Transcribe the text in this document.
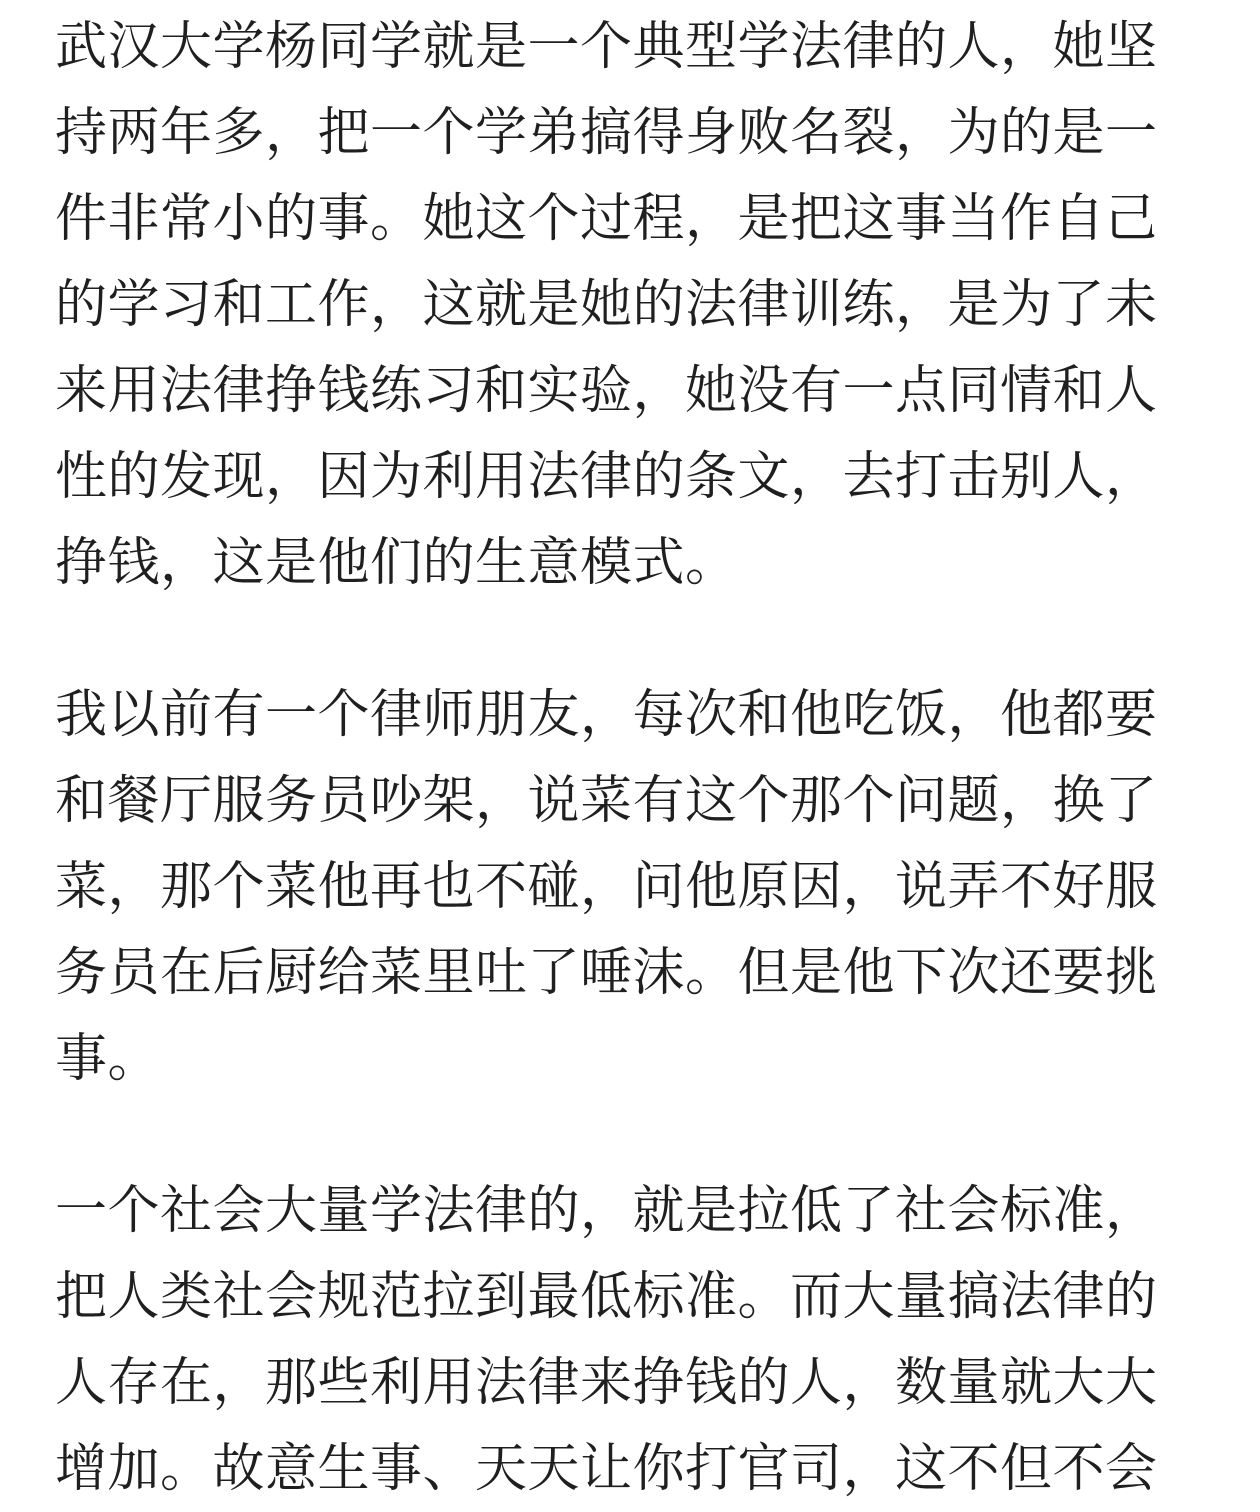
武汉大学杨同学就是一个典型学法律的人，她坚
持两年多，把一个学弟搞得身败名裂，为的是一
件非常小的事。她这个过程，是把这事当作自己
的学习和工作，这就是她的法律训练，是为了未
来用法律挣钱练习和实验，她没有一点同情和人
性的发现，因为利用法律的条文，去打击别人，
挣钱，这是他们的生意模式。
我以前有一个律师朋友，每次和他吃饭，他都要
和餐厅服务员吵架，说菜有这个那个问题，换了
菜，那个菜他再也不碰，问他原因，说弄不好服
务员在后厨给菜里吐了唾沫。但是他下次还要挑
事。
一个社会大量学法律的，就是拉低了社会标准，
把人类社会规范拉到最低标准。而大量搞法律的
人存在，那些利用法律来挣钱的人，数量就大大
增加。故意生事、天天让你打官司，这不但不会
